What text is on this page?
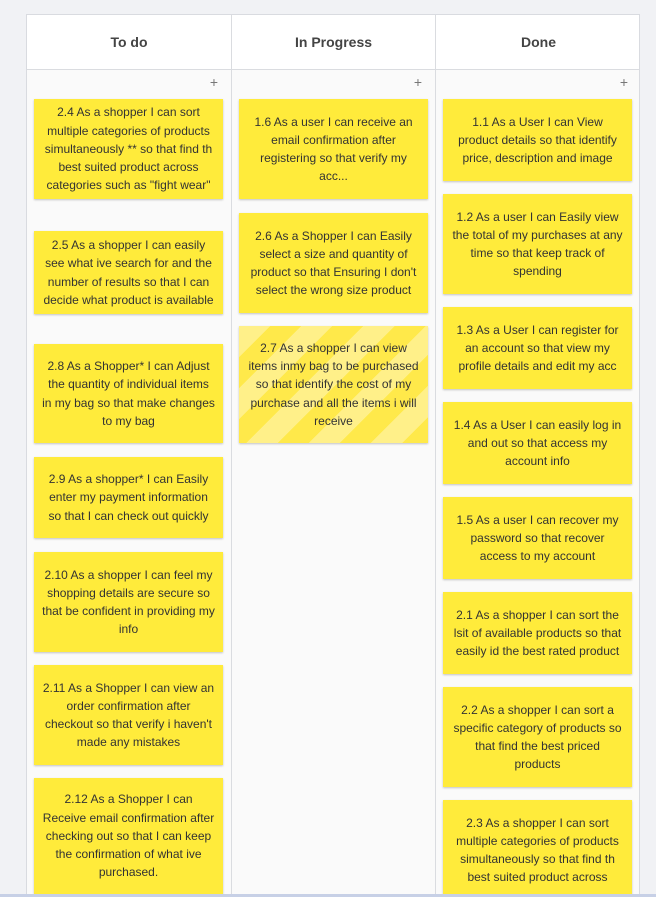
To do
+
2.4 As a shopper I can sort multiple categories of products simultaneously ** so that find th best suited product across categories such as "fight wear"
2.5 As a shopper I can easily see what ive search for and the number of results so that I can decide what product is available
2.8 As a Shopper* I can Adjust the quantity of individual items in my bag so that make changes to my bag
2.9 As a shopper* I can Easily enter my payment information so that I can check out quickly
2.10 As a shopper I can feel my shopping details are secure so that be confident in providing my info
2.11 As a Shopper I can view an order confirmation after checkout so that verify i haven't made any mistakes
2.12 As a Shopper I can Receive email confirmation after checking out so that I can keep the confirmation of what ive purchased.
In Progress
+
1.6 As a user I can receive an email confirmation after registering so that verify my acc...
2.6 As a Shopper I can Easily select a size and quantity of product so that Ensuring I don't select the wrong size product
2.7 As a shopper I can view items inmy bag to be purchased so that identify the cost of my purchase and all the items i will receive
Done
+
1.1 As a User I can View product details so that identify price, description and image
1.2 As a user I can Easily view the total of my purchases at any time so that keep track of spending
1.3 As a User I can register for an account so that view my profile details and edit my acc
1.4 As a User I can easily log in and out so that access my account info
1.5 As a user I can recover my password so that recover access to my account
2.1 As a shopper I can sort the lsit of available products so that easily id the best rated product
2.2 As a shopper I can sort a specific category of products so that find the best priced products
2.3 As a shopper I can sort multiple categories of products simultaneously so that find th best suited product across
